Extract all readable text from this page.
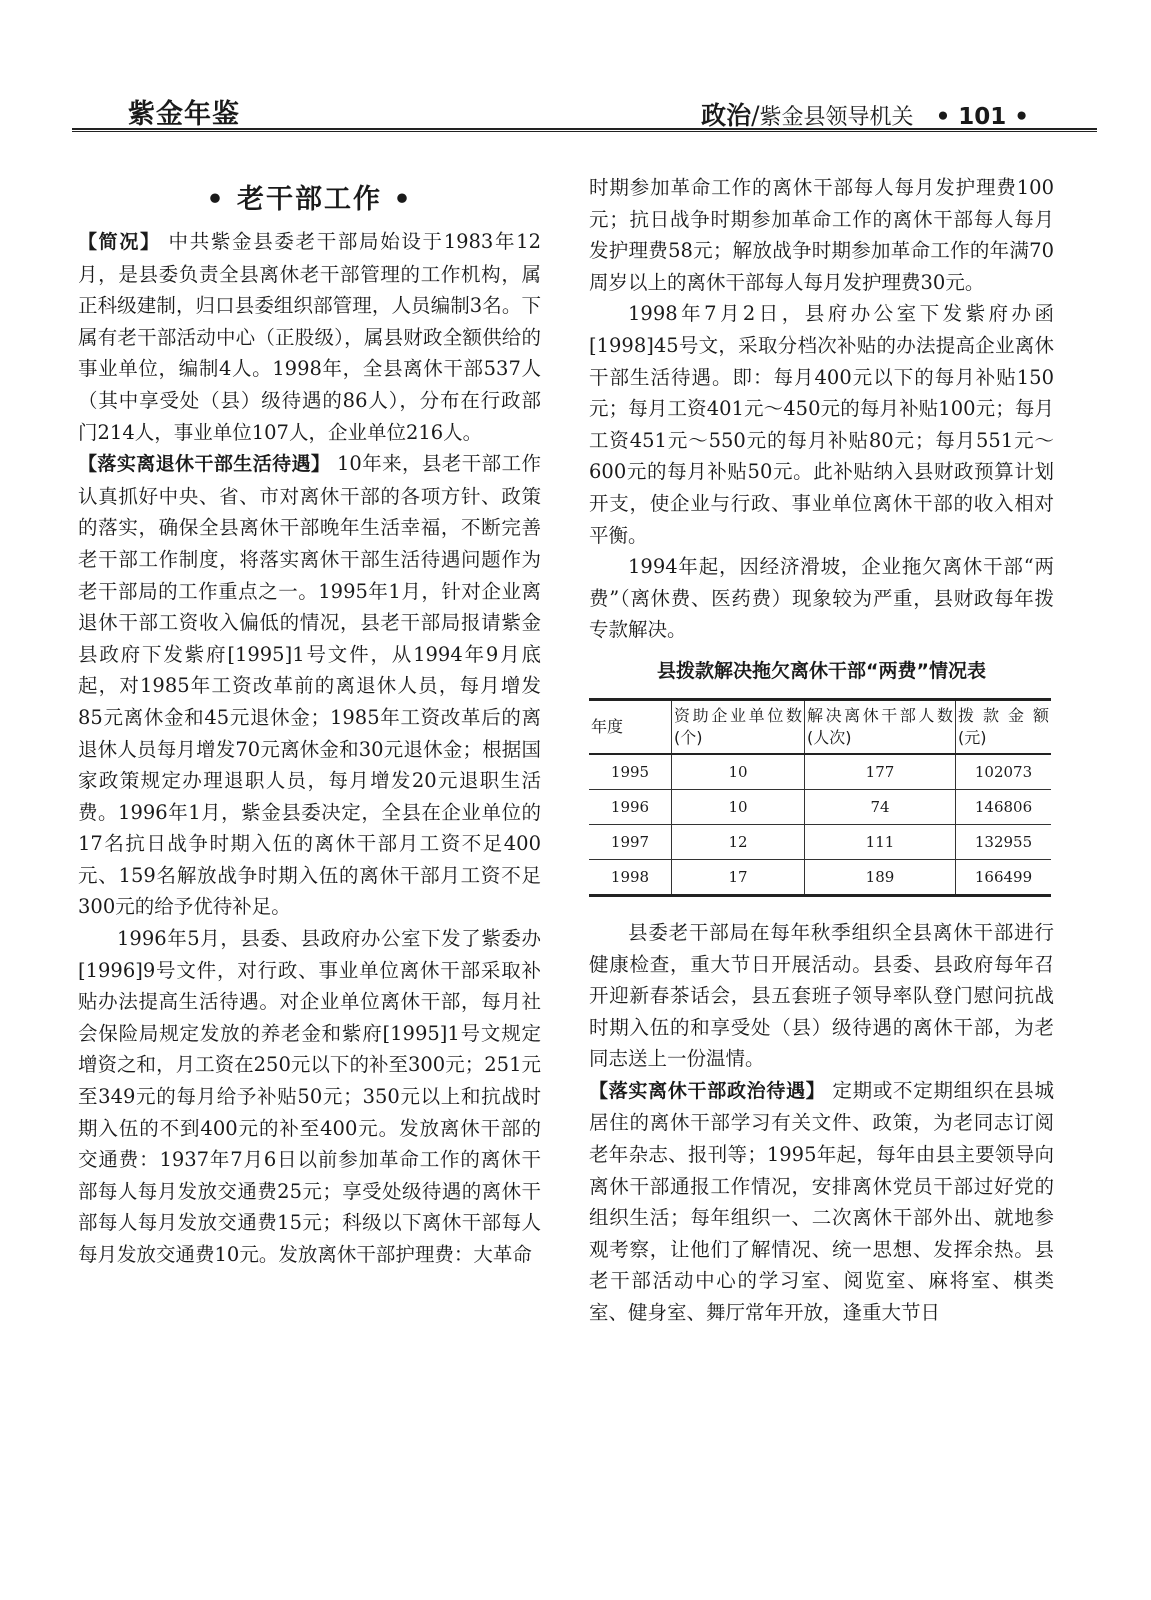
紫金年鉴	政治/紫金县领导机关 • 101 •
• 老干部工作 •

【简况】 中共紫金县委老干部局始设于1983年12月，是县委负责全县离休老干部管理的工作机构，属正科级建制，归口县委组织部管理，人员编制3名。下属有老干部活动中心（正股级），属县财政全额供给的事业单位，编制4人。1998年，全县离休干部537人（其中享受处（县）级待遇的86人），分布在行政部门214人，事业单位107人，企业单位216人。

【落实离退休干部生活待遇】 10年来，县老干部工作认真抓好中央、省、市对离休干部的各项方针、政策的落实，确保全县离休干部晚年生活幸福，不断完善老干部工作制度，将落实离休干部生活待遇问题作为老干部局的工作重点之一。1995年1月，针对企业离退休干部工资收入偏低的情况，县老干部局报请紫金县政府下发紫府[1995]1号文件，从1994年9月底起，对1985年工资改革前的离退休人员，每月增发85元离休金和45元退休金；1985年工资改革后的离退休人员每月增发70元离休金和30元退休金；根据国家政策规定办理退职人员，每月增发20元退职生活费。1996年1月，紫金县委决定，全县在企业单位的17名抗日战争时期入伍的离休干部月工资不足400元、159名解放战争时期入伍的离休干部月工资不足300元的给予优待补足。

1996年5月，县委、县政府办公室下发了紫委办[1996]9号文件，对行政、事业单位离休干部采取补贴办法提高生活待遇。对企业单位离休干部，每月社会保险局规定发放的养老金和紫府[1995]1号文规定增资之和，月工资在250元以下的补至300元；251元至349元的每月给予补贴50元；350元以上和抗战时期入伍的不到400元的补至400元。发放离休干部的交通费：1937年7月6日以前参加革命工作的离休干部每人每月发放交通费25元；享受处级待遇的离休干部每人每月发放交通费15元；科级以下离休干部每人每月发放交通费10元。发放离休干部护理费：大革命

时期参加革命工作的离休干部每人每月发护理费100元；抗日战争时期参加革命工作的离休干部每人每月发护理费58元；解放战争时期参加革命工作的年满70周岁以上的离休干部每人每月发护理费30元。

1998年7月2日，县府办公室下发紫府办函[1998]45号文，采取分档次补贴的办法提高企业离休干部生活待遇。即：每月400元以下的每月补贴150元；每月工资401元～450元的每月补贴100元；每月工资451元～550元的每月补贴80元；每月551元～600元的每月补贴50元。此补贴纳入县财政预算计划开支，使企业与行政、事业单位离休干部的收入相对平衡。

1994年起，因经济滑坡，企业拖欠离休干部“两费”（离休费、医药费）现象较为严重，县财政每年拨专款解决。

县拨款解决拖欠离休干部“两费”情况表
年度	资助企业单位数(个)	解决离休干部人数(人次)	拨款金额(元)
1995	10	177	102073
1996	10	74	146806
1997	12	111	132955
1998	17	189	166499

县委老干部局在每年秋季组织全县离休干部进行健康检查，重大节日开展活动。县委、县政府每年召开迎新春茶话会，县五套班子领导率队登门慰问抗战时期入伍的和享受处（县）级待遇的离休干部，为老同志送上一份温情。

【落实离休干部政治待遇】 定期或不定期组织在县城居住的离休干部学习有关文件、政策，为老同志订阅老年杂志、报刊等；1995年起，每年由县主要领导向离休干部通报工作情况，安排离休党员干部过好党的组织生活；每年组织一、二次离休干部外出、就地参观考察，让他们了解情况、统一思想、发挥余热。县老干部活动中心的学习室、阅览室、麻将室、棋类室、健身室、舞厅常年开放，逢重大节日
